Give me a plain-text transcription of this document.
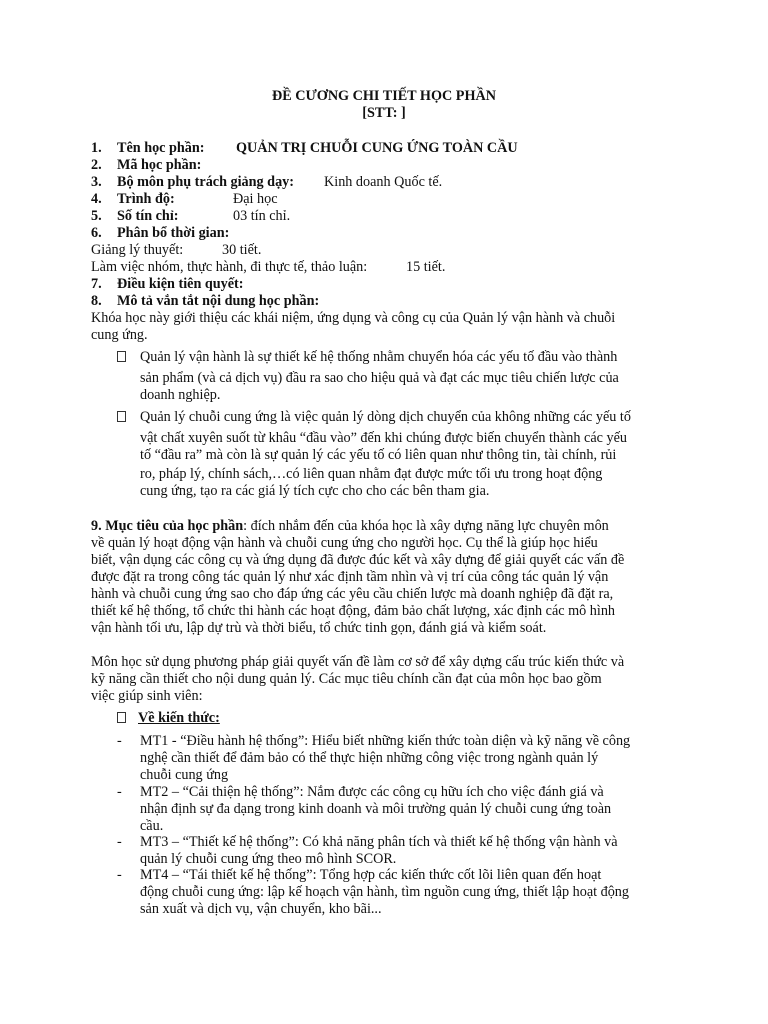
ĐỀ CƯƠNG CHI TIẾT HỌC PHẦN
[STT: ]
1.	Tên học phần: QUẢN TRỊ CHUỖI CUNG ỨNG TOÀN CẦU
2.	Mã học phần:
3.	Bộ môn phụ trách giảng dạy: Kinh doanh Quốc tế.
4.	Trình độ:	Đại học
5.	Số tín chỉ:	03 tín chỉ.
6.	Phân bổ thời gian:
Giảng lý thuyết:	30 tiết.
Làm việc nhóm, thực hành, đi thực tế, thảo luận:	15 tiết.
7.	Điều kiện tiên quyết:
8.	Mô tả vắn tắt nội dung học phần:
Khóa học này giới thiệu các khái niệm, ứng dụng và công cụ của Quản lý vận hành và chuỗi
cung ứng.
Quản lý vận hành là sự thiết kế hệ thống nhằm chuyển hóa các yếu tố đầu vào thành
sản phẩm (và cả dịch vụ) đầu ra sao cho hiệu quả và đạt các mục tiêu chiến lược của
doanh nghiệp.
Quản lý chuỗi cung ứng là việc quản lý dòng dịch chuyển của không những các yếu tố
vật chất xuyên suốt từ khâu “đầu vào” đến khi chúng được biến chuyển thành các yếu
tố “đầu ra” mà còn là sự quản lý các yếu tố có liên quan như thông tin, tài chính, rủi
ro, pháp lý, chính sách,…có liên quan nhằm đạt được mức tối ưu trong hoạt động
cung ứng, tạo ra các giá lý tích cực cho cho các bên tham gia.
9. Mục tiêu của học phần: đích nhắm đến của khóa học là xây dựng năng lực chuyên môn
về quản lý hoạt động vận hành và chuỗi cung ứng cho người học. Cụ thể là giúp học hiểu
biết, vận dụng các công cụ và ứng dụng đã được đúc kết và xây dựng để giải quyết các vấn đề
được đặt ra trong công tác quản lý như xác định tầm nhìn và vị trí của công tác quản lý vận
hành và chuỗi cung ứng sao cho đáp ứng các yêu cầu chiến lược mà doanh nghiệp đã đặt ra,
thiết kế hệ thống, tổ chức thi hành các hoạt động, đảm bảo chất lượng, xác định các mô hình
vận hành tối ưu, lập dự trù và thời biểu, tổ chức tinh gọn, đánh giá và kiểm soát.
Môn học sử dụng phương pháp giải quyết vấn đề làm cơ sở để xây dựng cấu trúc kiến thức và
kỹ năng cần thiết cho nội dung quản lý. Các mục tiêu chính cần đạt của môn học bao gồm
việc giúp sinh viên:
Về kiến thức:
- MT1 - “Điều hành hệ thống”: Hiểu biết những kiến thức toàn diện và kỹ năng về công
nghệ cần thiết để đảm bảo có thể thực hiện những công việc trong ngành quản lý
chuỗi cung ứng
- MT2 – “Cải thiện hệ thống”: Nắm được các công cụ hữu ích cho việc đánh giá và
nhận định sự đa dạng trong kinh doanh và môi trường quản lý chuỗi cung ứng toàn
cầu.
- MT3 – “Thiết kế hệ thống”: Có khả năng phân tích và thiết kế hệ thống vận hành và
quản lý chuỗi cung ứng theo mô hình SCOR.
- MT4 – “Tái thiết kế hệ thống”: Tổng hợp các kiến thức cốt lõi liên quan đến hoạt
động chuỗi cung ứng: lập kế hoạch vận hành, tìm nguồn cung ứng, thiết lập hoạt động
sản xuất và dịch vụ, vận chuyển, kho bãi...
